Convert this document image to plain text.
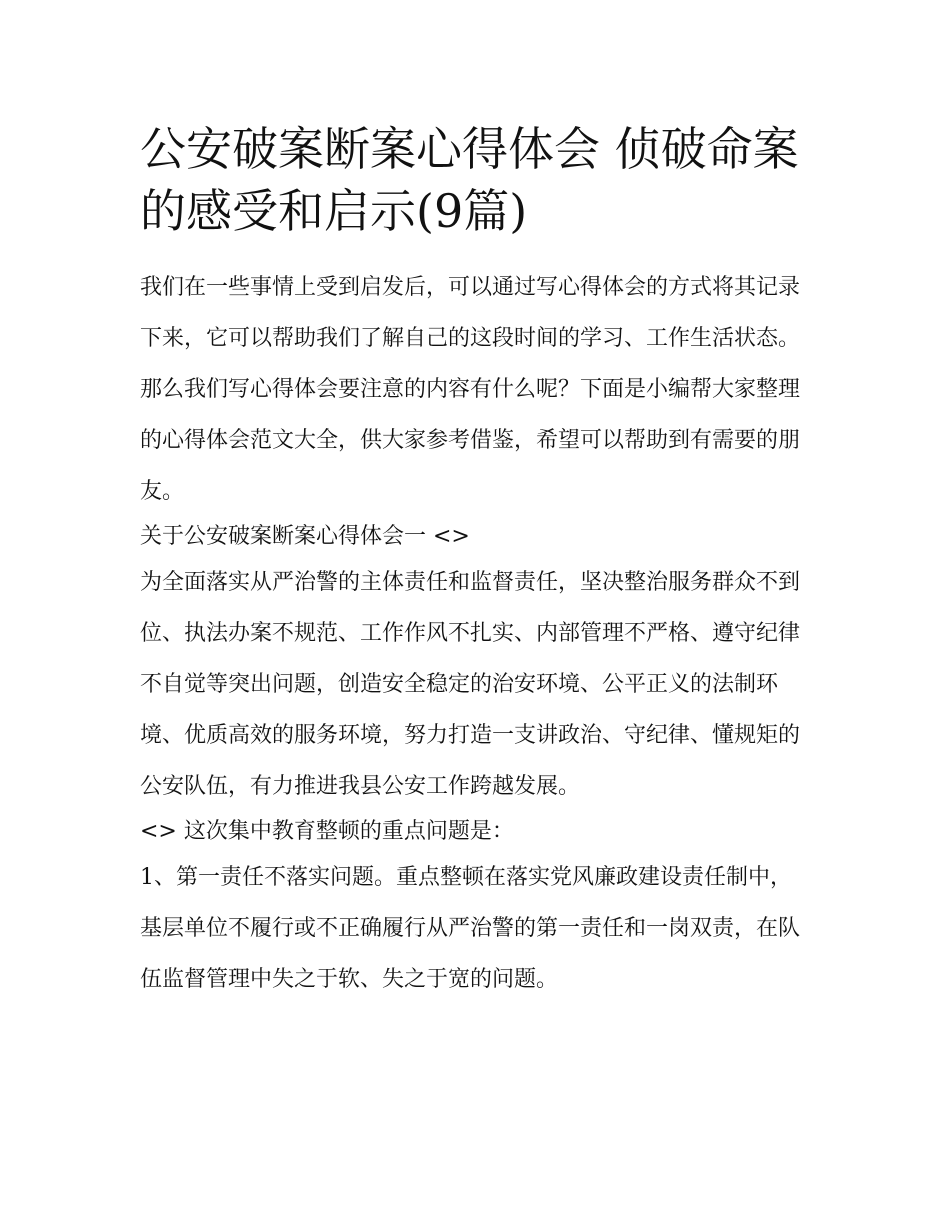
公安破案断案心得体会 侦破命案的感受和启示(9篇)

我们在一些事情上受到启发后，可以通过写心得体会的方式将其记录下来，它可以帮助我们了解自己的这段时间的学习、工作生活状态。那么我们写心得体会要注意的内容有什么呢？下面是小编帮大家整理的心得体会范文大全，供大家参考借鉴，希望可以帮助到有需要的朋友。

关于公安破案断案心得体会一 <>

为全面落实从严治警的主体责任和监督责任，坚决整治服务群众不到位、执法办案不规范、工作作风不扎实、内部管理不严格、遵守纪律不自觉等突出问题，创造安全稳定的治安环境、公平正义的法制环境、优质高效的服务环境，努力打造一支讲政治、守纪律、懂规矩的公安队伍，有力推进我县公安工作跨越发展。

<> 这次集中教育整顿的重点问题是：

1、第一责任不落实问题。重点整顿在落实党风廉政建设责任制中，基层单位不履行或不正确履行从严治警的第一责任和一岗双责，在队伍监督管理中失之于软、失之于宽的问题。
